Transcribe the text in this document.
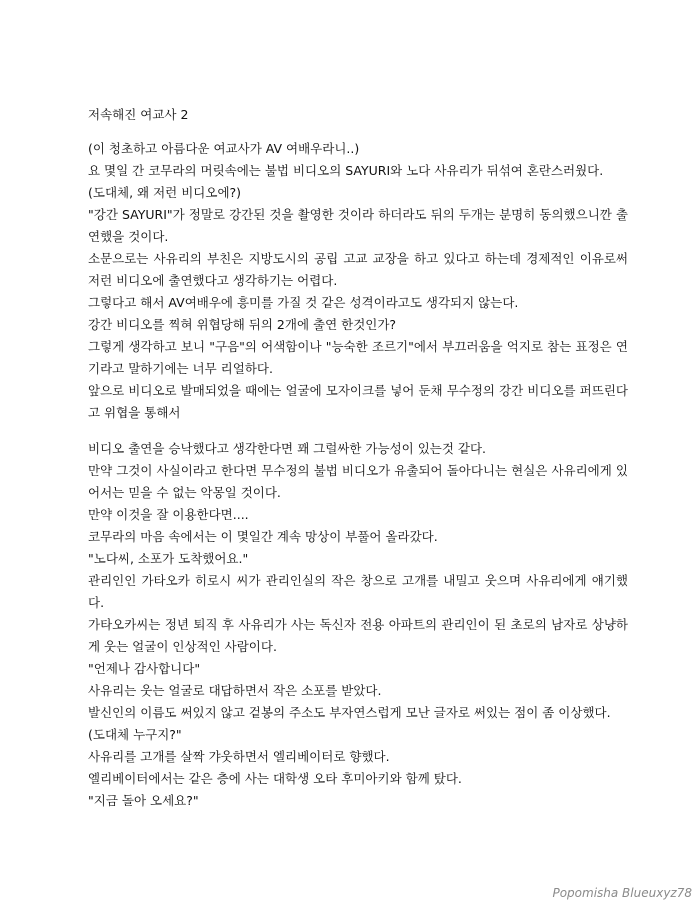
저속해진 여교사 2

(이 청초하고 아름다운 여교사가 AV 여배우라니..)

요 몇일 간 코무라의 머릿속에는 불법 비디오의 SAYURI와 노다 사유리가 뒤섞여 혼란스러웠다.

(도대체, 왜 저런 비디오에?)

"강간 SAYURI"가 정말로 강간된 것을 촬영한 것이라 하더라도 뒤의 두개는 분명히 동의했으니깐 출연했을 것이다.

소문으로는 사유리의 부친은 지방도시의 공립 고교 교장을 하고 있다고 하는데 경제적인 이유로써 저런 비디오에 출연했다고 생각하기는 어렵다.

그렇다고 해서 AV여배우에 흥미를 가질 것 같은 성격이라고도 생각되지 않는다.

강간 비디오를 찍혀 위협당해 뒤의 2개에 출연 한것인가?

그렇게 생각하고 보니 "구음"의 어색함이나 "능숙한 조르기"에서 부끄러움을 억지로 참는 표정은 연기라고 말하기에는 너무 리얼하다.

앞으로 비디오로 발매되었을 때에는 얼굴에 모자이크를 넣어 둔채 무수정의 강간 비디오를 퍼뜨린다고 위협을 통해서

비디오 출연을 승낙했다고 생각한다면 꽤 그럴싸한 가능성이 있는것 같다.

만약 그것이 사실이라고 한다면 무수정의 불법 비디오가 유출되어 돌아다니는 현실은 사유리에게 있어서는 믿을 수 없는 악몽일 것이다.

만약 이것을 잘 이용한다면....

코무라의 마음 속에서는 이 몇일간 계속 망상이 부풀어 올라갔다.

"노다씨, 소포가 도착했어요."

관리인인 가타오카 히로시 씨가 관리인실의 작은 창으로 고개를 내밀고 웃으며 사유리에게 얘기했다.

가타오카씨는 정년 퇴직 후 사유리가 사는 독신자 전용 아파트의 관리인이 된 초로의 남자로 상냥하게 웃는 얼굴이 인상적인 사람이다.

"언제나 감사합니다"

사유리는 웃는 얼굴로 대답하면서 작은 소포를 받았다.

발신인의 이름도 써있지 않고 겉봉의 주소도 부자연스럽게 모난 글자로 써있는 점이 좀 이상했다.

(도대체 누구지?"

사유리를 고개를 살짝 갸웃하면서 엘리베이터로 향했다.

엘리베이터에서는 같은 층에 사는 대학생 오타 후미아키와 함께 탔다.

"지금 돌아 오세요?"

Popomisha Blueuxyz78
